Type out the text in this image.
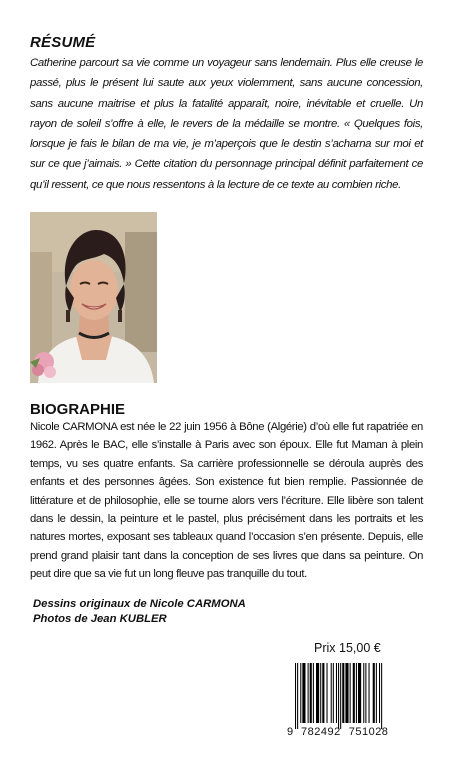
RÉSUMÉ
Catherine parcourt sa vie comme un voyageur sans lendemain. Plus elle creuse le passé, plus le présent lui saute aux yeux violemment, sans aucune concession, sans aucune maitrise et plus la fatalité apparaît, noire, inévitable et cruelle. Un rayon de soleil s’offre à elle, le revers de la médaille se montre. « Quelques fois, lorsque je fais le bilan de ma vie, je m’aperçois que le destin s’acharna sur moi et sur ce que j’aimais. » Cette citation du personnage principal définit parfaitement ce qu’il ressent, ce que nous ressentons à la lecture de ce texte au combien riche.
BIOGRAPHIE
Nicole CARMONA est née le 22 juin 1956 à Bône (Algérie) d’où elle fut rapatriée en 1962. Après le BAC, elle s’installe à Paris avec son époux. Elle fut Maman à plein temps, vu ses quatre enfants. Sa carrière professionnelle se déroula auprès des enfants et des personnes âgées. Son existence fut bien remplie. Passionnée de littérature et de philosophie, elle se tourne alors vers l’écriture. Elle libère son talent dans le dessin, la peinture et le pastel, plus précisément dans les portraits et les natures mortes, exposant ses tableaux quand l’occasion s’en présente. Depuis, elle prend grand plaisir tant dans la conception de ses livres que dans sa peinture. On peut dire que sa vie fut un long fleuve pas tranquille du tout.
Dessins originaux de Nicole CARMONA
Photos de Jean KUBLER
Prix 15,00 €
9 782492 751028
